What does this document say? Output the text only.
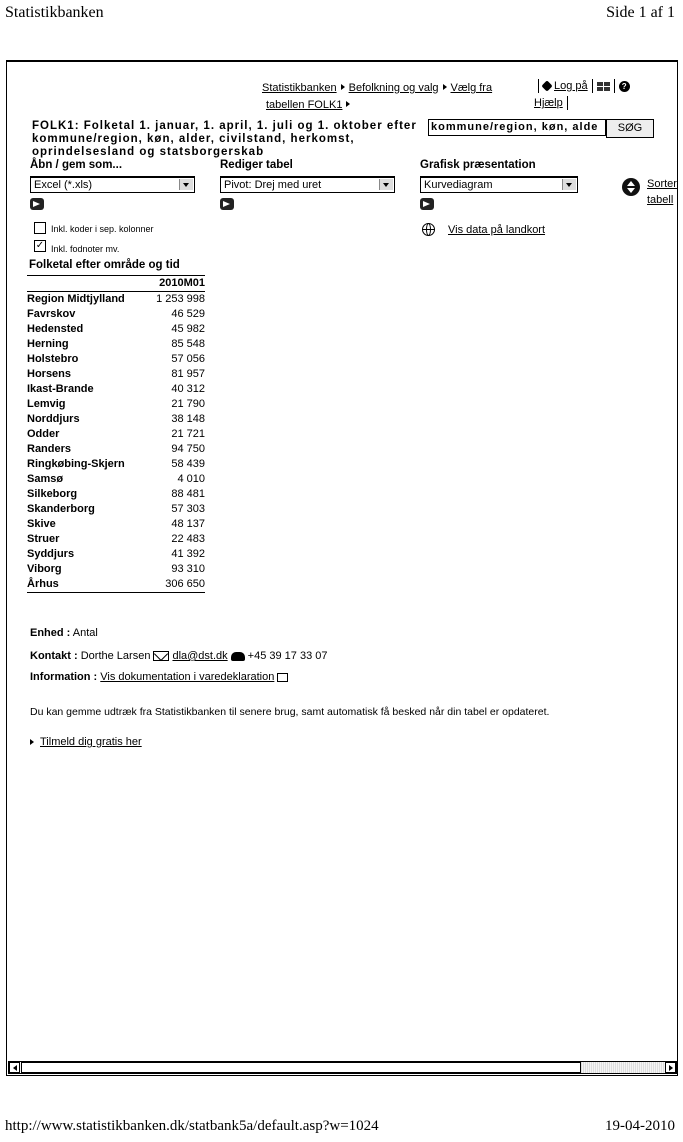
Statistikbanken	Side 1 af 1
http://www.statistikbanken.dk/statbank5a/default.asp?w=1024	19-04-2010
Statistikbanken Befolkning og valg Vælg fra tabellen FOLK1
Log på	?
Hjælp
FOLK1: Folketal 1. januar, 1. april, 1. juli og 1. oktober efter kommune/region, køn, alder, civilstand, herkomst, oprindelsesland og statsborgerskab
kommune/region, køn, alde	SØG
Åbn / gem som...
Excel (*.xls)
Inkl. koder i sep. kolonner
✓ Inkl. fodnoter mv.
Rediger tabel
Pivot: Drej med uret
Grafisk præsentation
Kurvediagram
Vis data på landkort
Sorter
tabell
Folketal efter område og tid
2010M01	
Region Midtjylland	1 253 998
Favrskov	46 529
Hedensted	45 982
Herning	85 548
Holstebro	57 056
Horsens	81 957
Ikast-Brande	40 312
Lemvig	21 790
Norddjurs	38 148
Odder	21 721
Randers	94 750
Ringkøbing-Skjern	58 439
Samsø	4 010
Silkeborg	88 481
Skanderborg	57 303
Skive	48 137
Struer	22 483
Syddjurs	41 392
Viborg	93 310
Århus	306 650
Enhed : Antal
Kontakt : Dorthe Larsen dla@dst.dk +45 39 17 33 07
Information : Vis dokumentation i varedeklaration
Du kan gemme udtræk fra Statistikbanken til senere brug, samt automatisk få besked når din tabel er opdateret.
Tilmeld dig gratis her
